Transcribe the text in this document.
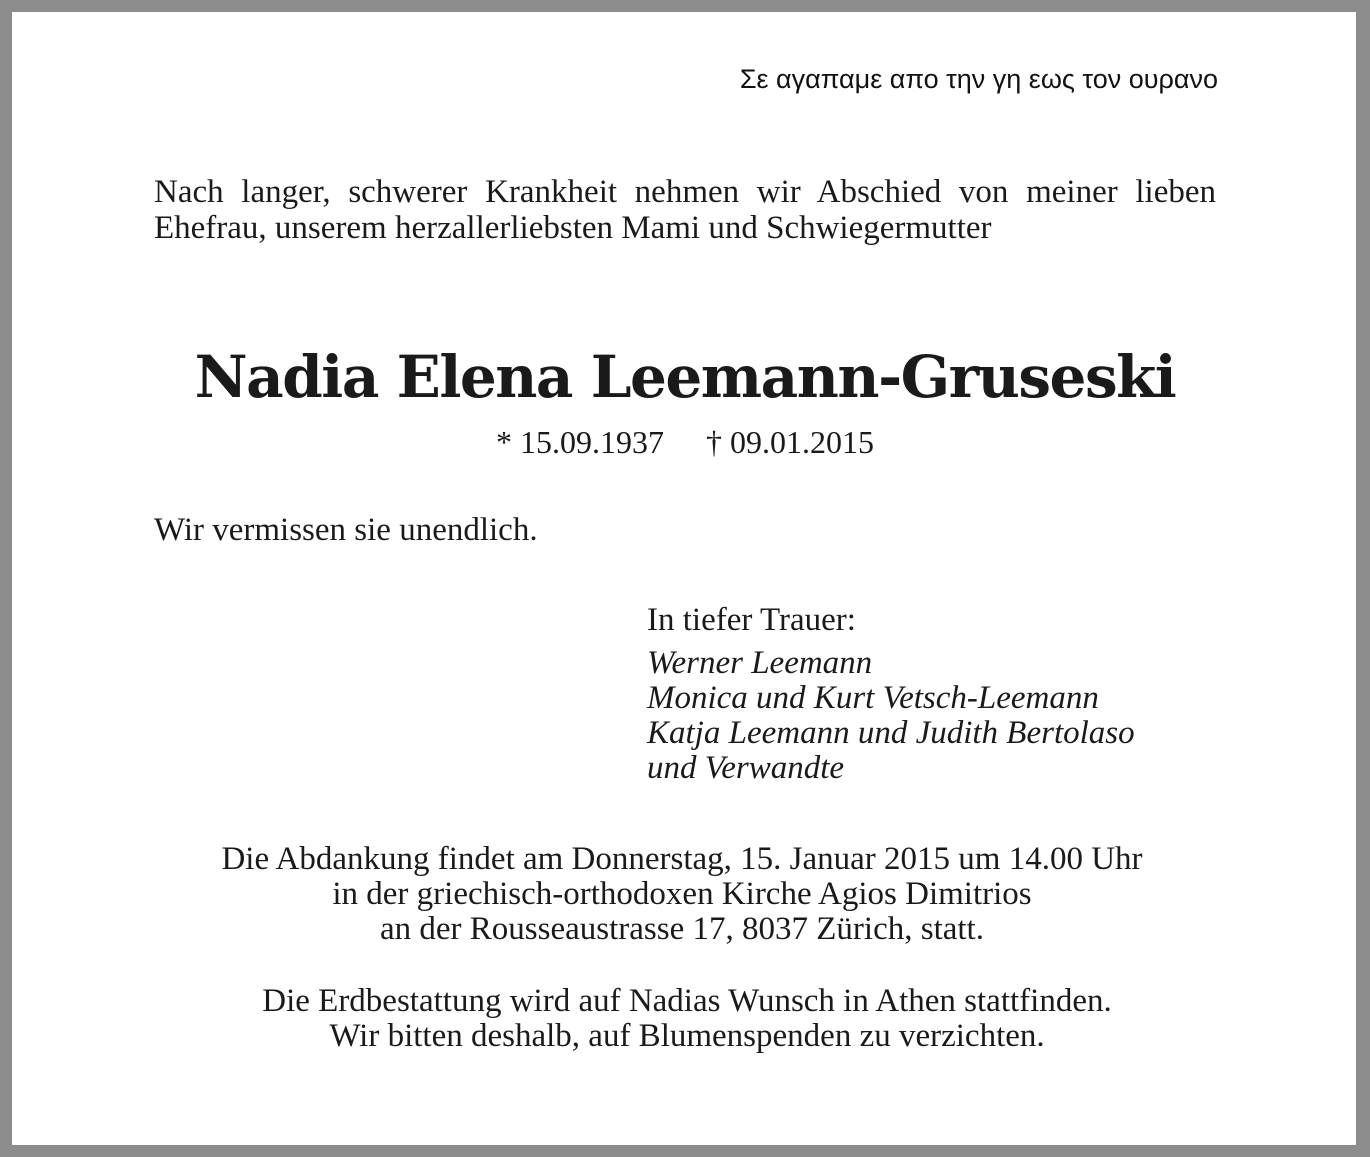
Σε αγαπαμε απο την γη εως τον ουρανο
Nach langer, schwerer Krankheit nehmen wir Abschied von meiner lieben Ehefrau, unserem herzallerliebsten Mami und Schwiegermutter
Nadia Elena Leemann-Gruseski
* 15.09.1937 † 09.01.2015
Wir vermissen sie unendlich.
In tiefer Trauer:
Werner Leemann
Monica und Kurt Vetsch-Leemann
Katja Leemann und Judith Bertolaso
und Verwandte
Die Abdankung findet am Donnerstag, 15. Januar 2015 um 14.00 Uhr
in der griechisch-orthodoxen Kirche Agios Dimitrios
an der Rousseaustrasse 17, 8037 Zürich, statt.
Die Erdbestattung wird auf Nadias Wunsch in Athen stattfinden.
Wir bitten deshalb, auf Blumenspenden zu verzichten.
